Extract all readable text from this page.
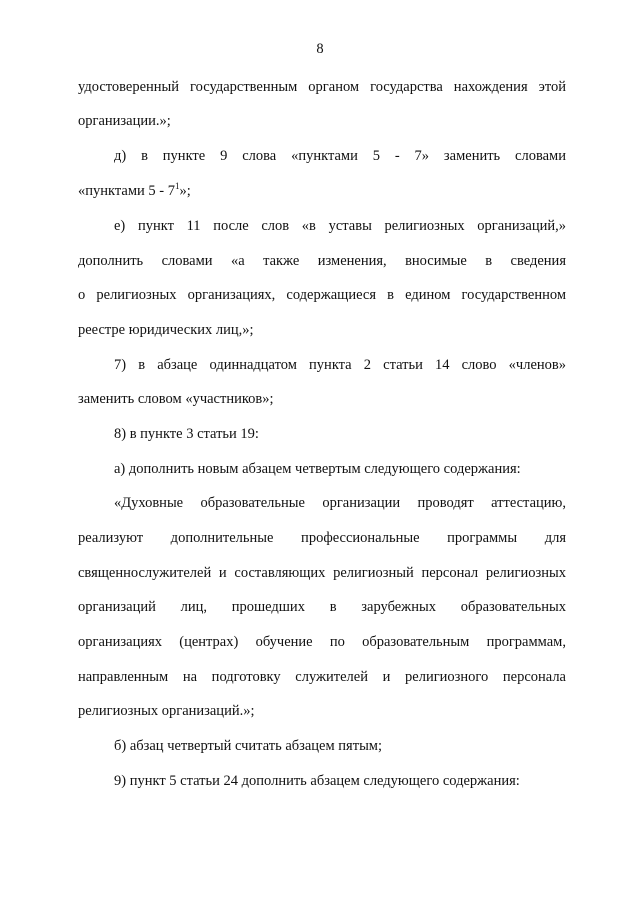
8
удостоверенный государственным органом государства нахождения этой
организации.»;
д) в пункте 9 слова «пунктами 5 - 7» заменить словами
«пунктами $5 - 7^1$»;
е) пункт 11 после слов «в уставы религиозных организаций,»
дополнить словами «а также изменения, вносимые в сведения
о религиозных организациях, содержащиеся в едином государственном
реестре юридических лиц,»;
7) в абзаце одиннадцатом пункта 2 статьи 14 слово «членов»
заменить словом «участников»;
8) в пункте 3 статьи 19:
а) дополнить новым абзацем четвертым следующего содержания:
«Духовные образовательные организации проводят аттестацию,
реализуют дополнительные профессиональные программы для
священнослужителей и составляющих религиозный персонал религиозных
организаций лиц, прошедших в зарубежных образовательных
организациях (центрах) обучение по образовательным программам,
направленным на подготовку служителей и религиозного персонала
религиозных организаций.»;
б) абзац четвертый считать абзацем пятым;
9) пункт 5 статьи 24 дополнить абзацем следующего содержания:
